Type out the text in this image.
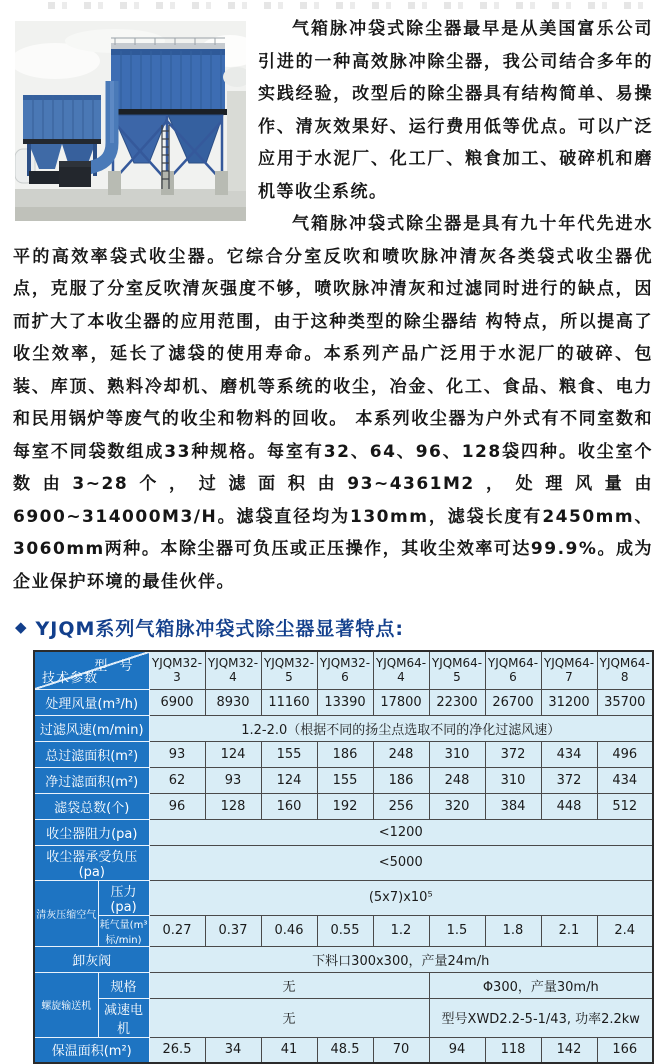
气箱脉冲袋式除尘器最早是从美国富乐公司引进的一种高效脉冲除尘器，我公司结合多年的实践经验，改型后的除尘器具有结构简单、易操作、清灰效果好、运行费用低等优点。可以广泛应用于水泥厂、化工厂、粮食加工、破碎机和磨机等收尘系统。

气箱脉冲袋式除尘器是具有九十年代先进水平的高效率袋式收尘器。它综合分室反吹和喷吹脉冲清灰各类袋式收尘器优点，克服了分室反吹清灰强度不够，喷吹脉冲清灰和过滤同时进行的缺点，因而扩大了本收尘器的应用范围，由于这种类型的除尘器结 构特点，所以提高了收尘效率，延长了滤袋的使用寿命。本系列产品广泛用于水泥厂的破碎、包装、库顶、熟料冷却机、磨机等系统的收尘，冶金、化工、食品、粮食、电力和民用锅炉等废气的收尘和物料的回收。 本系列收尘器为户外式有不同室数和每室不同袋数组成33种规格。每室有32、64、96、128袋四种。收尘室个数由3~28个，过滤面积由93~4361M2，处理风量由6900~314000M3/H。滤袋直径均为130mm，滤袋长度有2450mm、3060mm两种。本除尘器可负压或正压操作，其收尘效率可达99.9%。成为企业保护环境的最佳伙伴。

◆ YJQM系列气箱脉冲袋式除尘器显著特点:
型 号
技术参数		YJQM32-3	YJQM32-4	YJQM32-5	YJQM32-6	YJQM64-4	YJQM64-5	YJQM64-6	YJQM64-7	YJQM64-8
处理风量(m³/h)		6900	8930	11160	13390	17800	22300	26700	31200	35700
过滤风速(m/min)		1.2-2.0（根据不同的扬尘点选取不同的净化过滤风速）								
总过滤面积(m²)		93	124	155	186	248	310	372	434	496
净过滤面积(m²)		62	93	124	155	186	248	310	372	434
滤袋总数(个)		96	128	160	192	256	320	384	448	512
收尘器阻力(pa)		<1200								
收尘器承受负压(pa)		<5000								
清灰压缩空气	压力(pa)	(5x7)x10⁵								
	耗气量(m³标/min)	0.27	0.37	0.46	0.55	1.2	1.5	1.8	2.1	2.4
卸灰阀		下料口300x300，产量24m/h								
螺旋输送机	规格	无					Φ300，产量30m/h			
	减速电机	无					型号XWD2.2-5-1/43, 功率2.2kw			
保温面积(m²)		26.5	34	41	48.5	70	94	118	142	166
